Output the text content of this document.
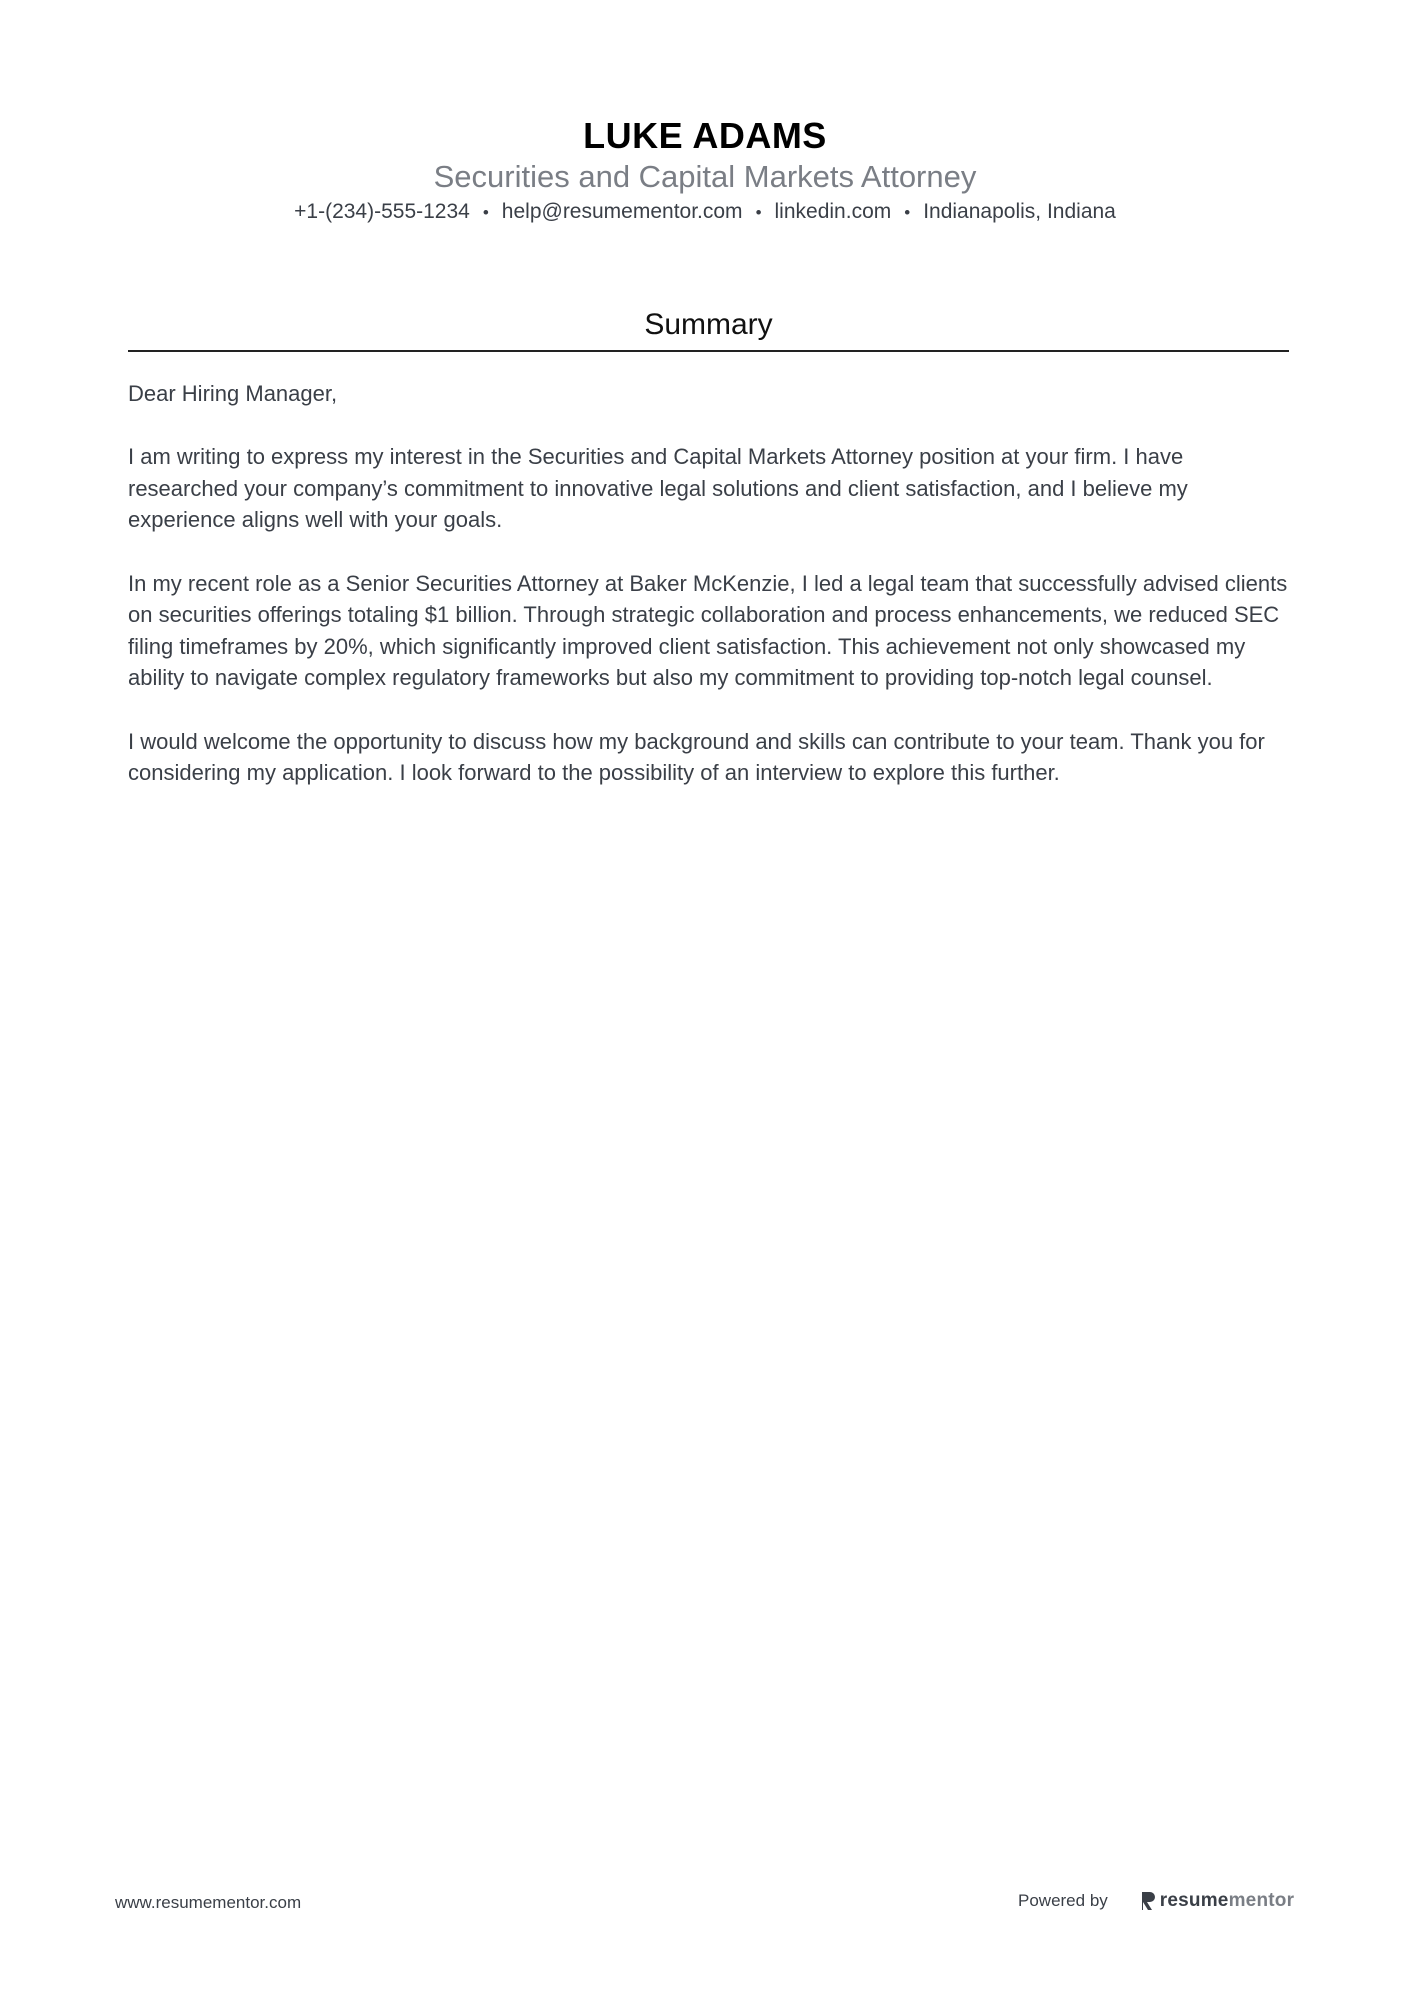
LUKE ADAMS
Securities and Capital Markets Attorney
+1-(234)-555-1234 • help@resumementor.com • linkedin.com • Indianapolis, Indiana
Summary

Dear Hiring Manager,

I am writing to express my interest in the Securities and Capital Markets Attorney position at your firm. I have researched your company’s commitment to innovative legal solutions and client satisfaction, and I believe my experience aligns well with your goals.

In my recent role as a Senior Securities Attorney at Baker McKenzie, I led a legal team that successfully advised clients on securities offerings totaling $1 billion. Through strategic collaboration and process enhancements, we reduced SEC filing timeframes by 20%, which significantly improved client satisfaction. This achievement not only showcased my ability to navigate complex regulatory frameworks but also my commitment to providing top-notch legal counsel.

I would welcome the opportunity to discuss how my background and skills can contribute to your team. Thank you for considering my application. I look forward to the possibility of an interview to explore this further.

www.resumementor.com	Powered by	resumementor
